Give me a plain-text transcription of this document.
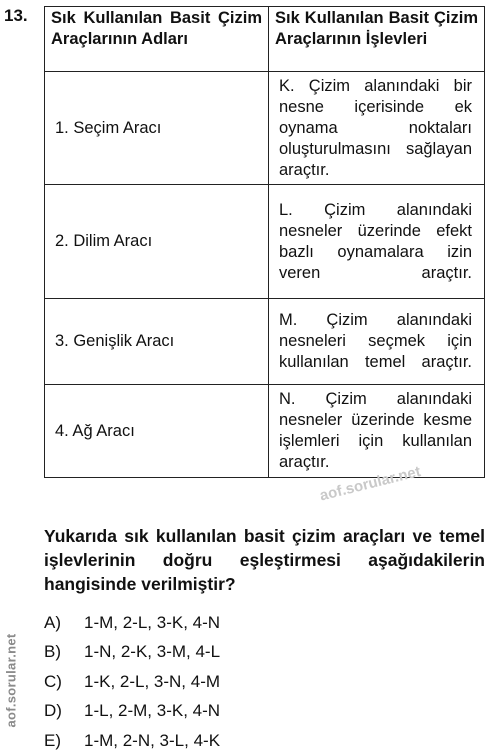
13. Sık Kullanılan Basit Çizim Araçlarının Adları	Sık Kullanılan Basit Çizim Araçlarının İşlevleri
1. Seçim Aracı	K. Çizim alanındaki bir nesne içerisinde ek oynama noktaları oluşturulmasını sağlayan araçtır.
2. Dilim Aracı	L. Çizim alanındaki nesneler üzerinde efekt bazlı oynamalara izin veren araçtır.
3. Genişlik Aracı	M. Çizim alanındaki nesneleri seçmek için kullanılan temel araçtır.
4. Ağ Aracı	N. Çizim alanındaki nesneler üzerinde kesme işlemleri için kullanılan araçtır.
aof.sorular.net
Yukarıda sık kullanılan basit çizim araçları ve temel işlevlerinin doğru eşleştirmesi aşağıdakilerin hangisinde verilmiştir?
A)	1-M, 2-L, 3-K, 4-N
B)	1-N, 2-K, 3-M, 4-L
C)	1-K, 2-L, 3-N, 4-M
D)	1-L, 2-M, 3-K, 4-N
E)	1-M, 2-N, 3-L, 4-K
aof.sorular.net
